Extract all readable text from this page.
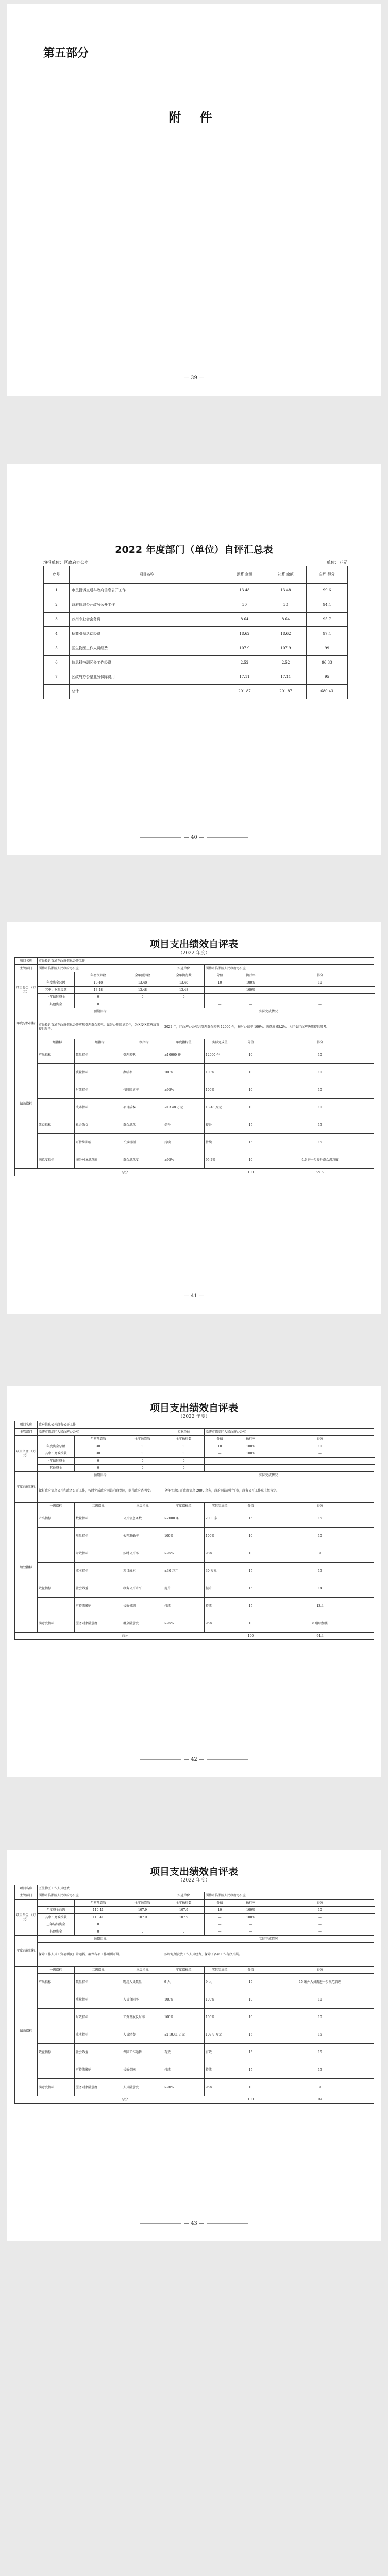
第五部分
附 件
— 39 —
2022 年度部门（单位）自评汇总表
填报单位：区政府办公室	单位：万元
序号	项目名称	预算 金额	决算 金额	自评 得分
1	市民投诉直通车政府信息公开工作	13.48	13.48	99.6
2	政府信息公开政务公开工作	30	30	94.4
3	苏州专业会会务费	8.64	8.64	95.7
4	招商引资活动经费	18.62	18.62	97.4
5	区生物医工作人员经费	107.9	107.9	99
6	信息科技副区长工作经费	2.52	2.52	96.33
7	区政府办公室业务保障费用	17.11	17.11	95
	总计	201.87	201.87	680.43
— 40 —
项目支出绩效自评表
（2022 年度）
项目名称	市民投诉直通车政府信息公开工作						
主管部门	淄博市临淄区人民政府办公室			实施单位	淄博市临淄区人民政府办公室		
项目资金 （万元）		年初预算数	全年预算数	全年执行数	分值	执行率	得分
	年度资金总额	13.48	13.48	13.48	10	100%	10
	其中：财政拨款	13.48	13.48	13.48	—	100%	—
	上年结转资金	0	0	0	—	—	—
	其他资金	0	0	0	—	—	—
年度总体目标	预期目标			实际完成情况			
	市民投诉直通车政府信息公开实现受理群众来电，做好办理回复工作，为区委区政府决策提供参考。			2022 年，区政府办公室共受理群众来电 12000 件，按时办结率 100%，满意度 95.2%，为区委区政府决策提供参考。			
绩效指标	一级指标	二级指标	三级指标	年度指标值	实际完成值	分值	得分
	产出指标	数量指标	受理来电	≥10000 件	12000 件	10	10
		质量指标	办结率	100%	100%	10	10
		时效指标	按时回复率	≥95%	100%	10	10
		成本指标	项目成本	≤13.48 万元	13.48 万元	10	10
	效益指标	社会效益	群众满意	提升	提升	15	15
		可持续影响	长效机制	持续	持续	15	15
	满意度指标	服务对象满意度	群众满意度	≥95%	95.2%	10	9.6 进一步提升群众满意度
总分						100	99.6
— 41 —
项目支出绩效自评表
（2022 年度）
项目名称	政府信息公开政务公开工作						
主管部门	淄博市临淄区人民政府办公室			实施单位	淄博市临淄区人民政府办公室		
项目资金 （万元）		年初预算数	全年预算数	全年执行数	分值	执行率	得分
	年度资金总额	30	30	30	10	100%	10
	其中：财政拨款	30	30	30	—	100%	—
	上年结转资金	0	0	0	—	—	—
	其他资金	0	0	0	—	—	—
年度总体目标	预期目标			实际完成情况			
	做好政府信息公开和政务公开工作，按时完成政府网站内容保障，提升政府透明度。			全年主动公开政府信息 2000 余条，政府网站运行平稳，政务公开工作获上级肯定。			
绩效指标	一级指标	二级指标	三级指标	年度指标值	实际完成值	分值	得分
	产出指标	数量指标	公开信息条数	≥2000 条	2000 条	15	15
		质量指标	公开准确率	100%	100%	10	10
		时效指标	按时公开率	≥95%	98%	10	9
		成本指标	项目成本	≤30 万元	30 万元	15	15
	效益指标	社会效益	政务公开水平	提升	提升	15	14
		可持续影响	长效机制	持续	持续	15	13.4
	满意度指标	服务对象满意度	群众满意度	≥95%	95%	10	8 继续加强
总分						100	94.4
— 42 —
项目支出绩效自评表
（2022 年度）
项目名称	区生物医工作人员经费						
主管部门	淄博市临淄区人民政府办公室			实施单位	淄博市临淄区人民政府办公室		
项目资金 （万元）		年初预算数	全年预算数	全年执行数	分值	执行率	得分
	年度资金总额	110.41	107.9	107.9	10	100%	10
	其中：财政拨款	110.41	107.9	107.9	—	100%	—
	上年结转资金	0	0	0	—	—	—
	其他资金	0	0	0	—	—	—
年度总体目标	预期目标			实际完成情况			
	保障工作人员工资福利及日常运转，确保各项工作顺利开展。			按时足额发放工作人员经费，保障了各项工作有序开展。			
绩效指标	一级指标	二级指标	三级指标	年度指标值	实际完成值	分值	得分
	产出指标	数量指标	聘用人员数量	9 人	9 人	15	15 编外人员需进一步规范管理
		质量指标	人员合同率	100%	100%	10	10
		时效指标	工资发放及时率	100%	100%	10	10
		成本指标	人员经费	≤110.41 万元	107.9 万元	15	15
	效益指标	社会效益	保障工作运转	有效	有效	15	15
		可持续影响	长效保障	持续	持续	15	15
	满意度指标	服务对象满意度	人员满意度	≥90%	95%	10	9
总分						100	99
— 43 —
